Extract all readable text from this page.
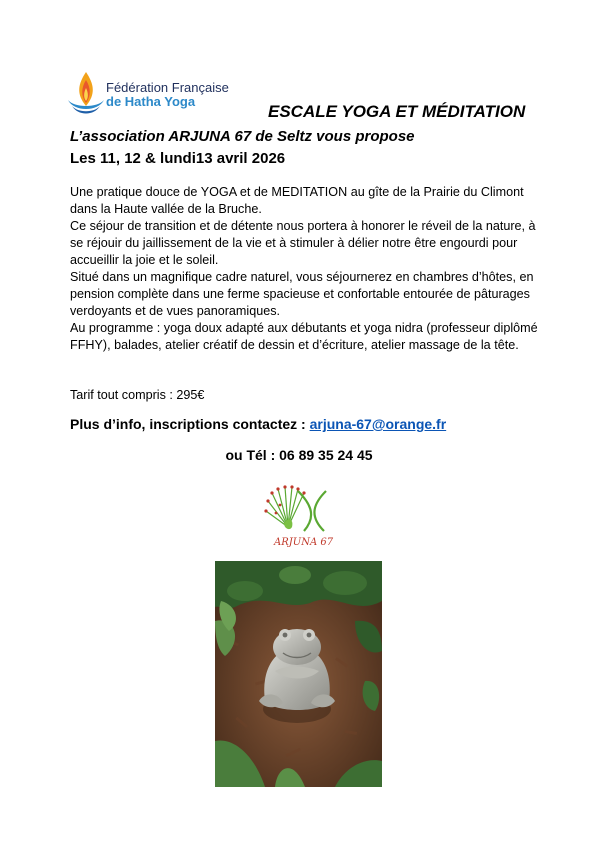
Fédération Française
de Hatha Yoga
ESCALE YOGA ET MÉDITATION
L’association ARJUNA 67 de Seltz vous propose
Les 11, 12 & lundi13 avril 2026

Une pratique douce de YOGA et de MEDITATION au gîte de la Prairie du Climont dans la Haute vallée de la Bruche.

Ce séjour de transition et de détente nous portera à honorer le réveil de la nature, à se réjouir du jaillissement de la vie et à stimuler à délier notre être engourdi pour accueillir la joie et le soleil.

Situé dans un magnifique cadre naturel, vous séjournerez en chambres d’hôtes, en pension complète dans une ferme spacieuse et confortable entourée de pâturages verdoyants et de vues panoramiques.

Au programme : yoga doux adapté aux débutants et yoga nidra (professeur diplômé FFHY), balades, atelier créatif de dessin et d’écriture, atelier massage de la tête.

Tarif tout compris : 295€
Plus d’info, inscriptions contactez : arjuna-67@orange.fr
ou Tél : 06 89 35 24 45
ARJUNA 67
